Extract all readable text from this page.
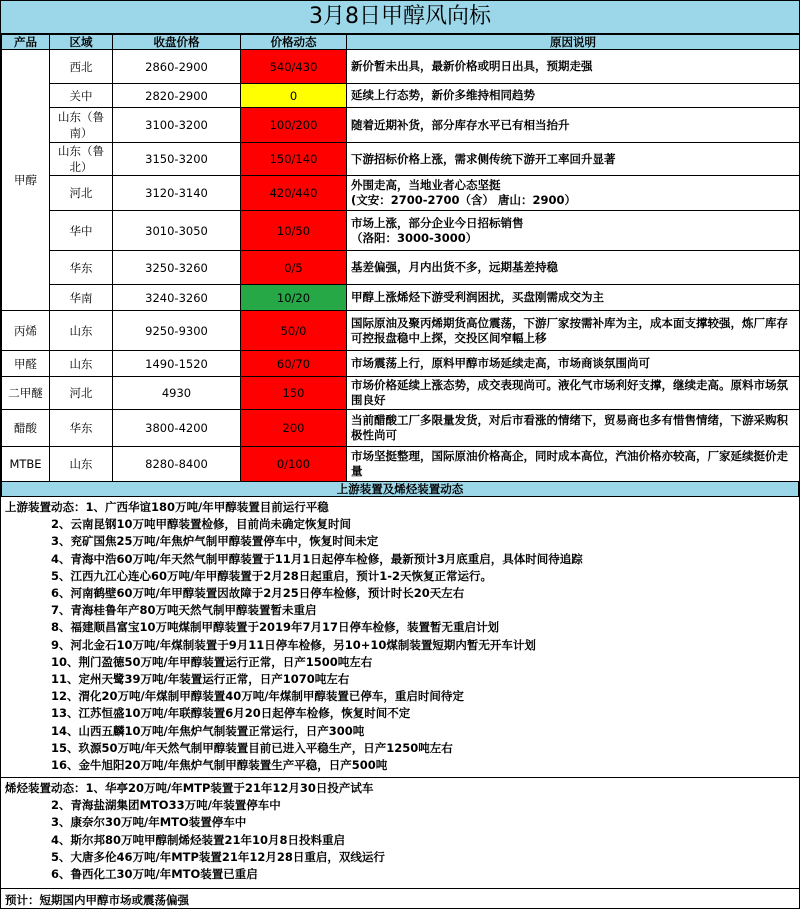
3月8日甲醇风向标
产品	区域	收盘价格	价格动态	原因说明
甲醇	西北	2860-2900	540/430	新价暂未出具，最新价格或明日出具，预期走强
	关中	2820-2900	0	延续上行态势，新价多维持相同趋势
	山东（鲁南）	3100-3200	100/200	随着近期补货，部分库存水平已有相当抬升
	山东（鲁北）	3150-3200	150/140	下游招标价格上涨，需求侧传统下游开工率回升显著
	河北	3120-3140	420/440	外围走高，当地业者心态坚挺
(文安：2700-2700（含） 唐山：2900）
	华中	3010-3050	10/50	市场上涨，部分企业今日招标销售
（洛阳：3000-3000）
	华东	3250-3260	0/5	基差偏强，月内出货不多，远期基差持稳
	华南	3240-3260	10/20	甲醇上涨烯烃下游受利润困扰，买盘刚需成交为主
丙烯	山东	9250-9300	50/0	国际原油及聚丙烯期货高位震荡，下游厂家按需补库为主，成本面支撑较强，炼厂库存可控报盘稳中上探，交投区间窄幅上移
甲醛	山东	1490-1520	60/70	市场震荡上行，原料甲醇市场延续走高，市场商谈氛围尚可
二甲醚	河北	4930	150	市场价格延续上涨态势，成交表现尚可。液化气市场利好支撑，继续走高。原料市场氛围良好
醋酸	华东	3800-4200	200	当前醋酸工厂多限量发货，对后市看涨的情绪下，贸易商也多有惜售情绪，下游采购积极性尚可
MTBE	山东	8280-8400	0/100	市场坚挺整理，国际原油价格高企，同时成本高位，汽油价格亦较高，厂家延续挺价走量
上游装置及烯烃装置动态
上游装置动态：1、广西华谊180万吨/年甲醇装置目前运行平稳
2、云南昆钢10万吨甲醇装置检修，目前尚未确定恢复时间
3、兖矿国焦25万吨/年焦炉气制甲醇装置停车中，恢复时间未定
4、青海中浩60万吨/年天然气制甲醇装置于11月1日起停车检修，最新预计3月底重启，具体时间待追踪
5、江西九江心连心60万吨/年甲醇装置于2月28日起重启，预计1-2天恢复正常运行。
6、河南鹤壁60万吨/年甲醇装置因故障于2月25日停车检修，预计时长20天左右
7、青海桂鲁年产80万吨天然气制甲醇装置暂未重启
8、福建顺昌富宝10万吨煤制甲醇装置于2019年7月17日停车检修，装置暂无重启计划
9、河北金石10万吨/年煤制装置于9月11日停车检修，另10+10煤制装置短期内暂无开车计划
10、荆门盈德50万吨/年甲醇装置运行正常，日产1500吨左右
11、定州天鹭39万吨/年装置运行正常，日产1070吨左右
12、渭化20万吨/年煤制甲醇装置40万吨/年煤制甲醇装置已停车，重启时间待定
13、江苏恒盛10万吨/年联醇装置6月20日起停车检修，恢复时间不定
14、山西五麟10万吨/年焦炉气制装置正常运行，日产300吨
15、玖源50万吨/年天然气制甲醇装置目前已进入平稳生产，日产1250吨左右
16、金牛旭阳20万吨/年焦炉气制甲醇装置生产平稳，日产500吨
烯烃装置动态：1、华亭20万吨/年MTP装置于21年12月30日投产试车
2、青海盐湖集团MTO33万吨/年装置停车中
3、康奈尔30万吨/年MTO装置停车中
4、斯尔邦80万吨甲醇制烯烃装置21年10月8日投料重启
5、大唐多伦46万吨/年MTP装置21年12月28日重启，双线运行
6、鲁西化工30万吨/年MTO装置已重启
预计：短期国内甲醇市场或震荡偏强
